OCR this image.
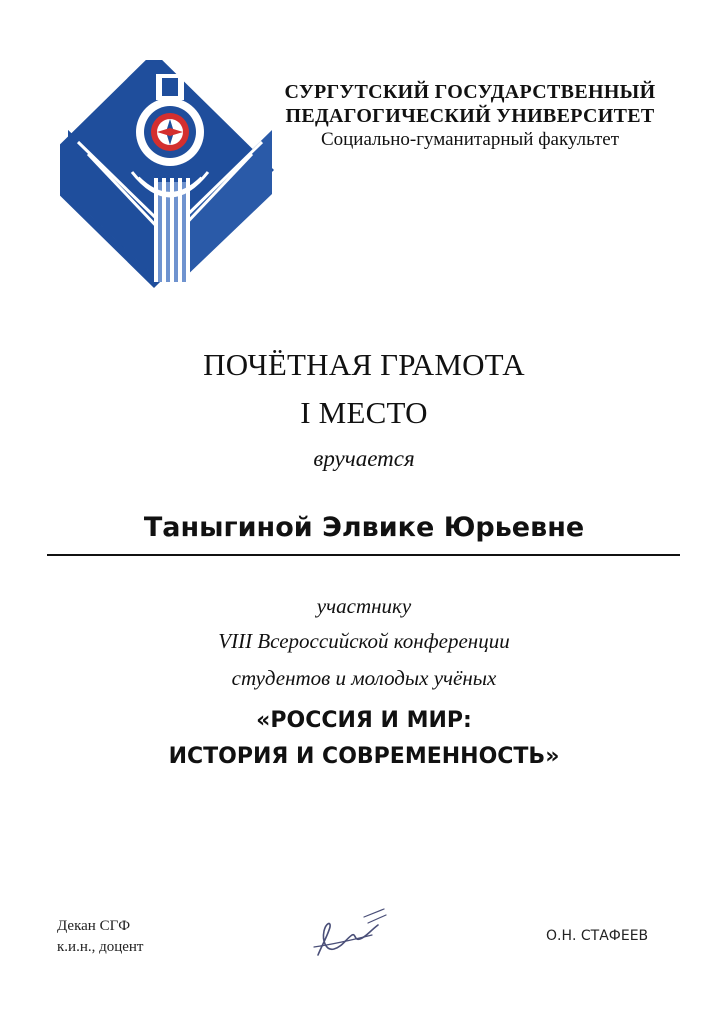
СУРГУТСКИЙ ГОСУДАРСТВЕННЫЙ
ПЕДАГОГИЧЕСКИЙ УНИВЕРСИТЕТ
Социально-гуманитарный факультет
ПОЧЁТНАЯ ГРАМОТА
I МЕСТО
вручается
Таныгиной Элвике Юрьевне
участнику
VIII Всероссийской конференции
студентов и молодых учёных
«РОССИЯ И МИР:
ИСТОРИЯ И СОВРЕМЕННОСТЬ»
Декан СГФ
к.и.н., доцент
О.Н. СТАФЕЕВ
